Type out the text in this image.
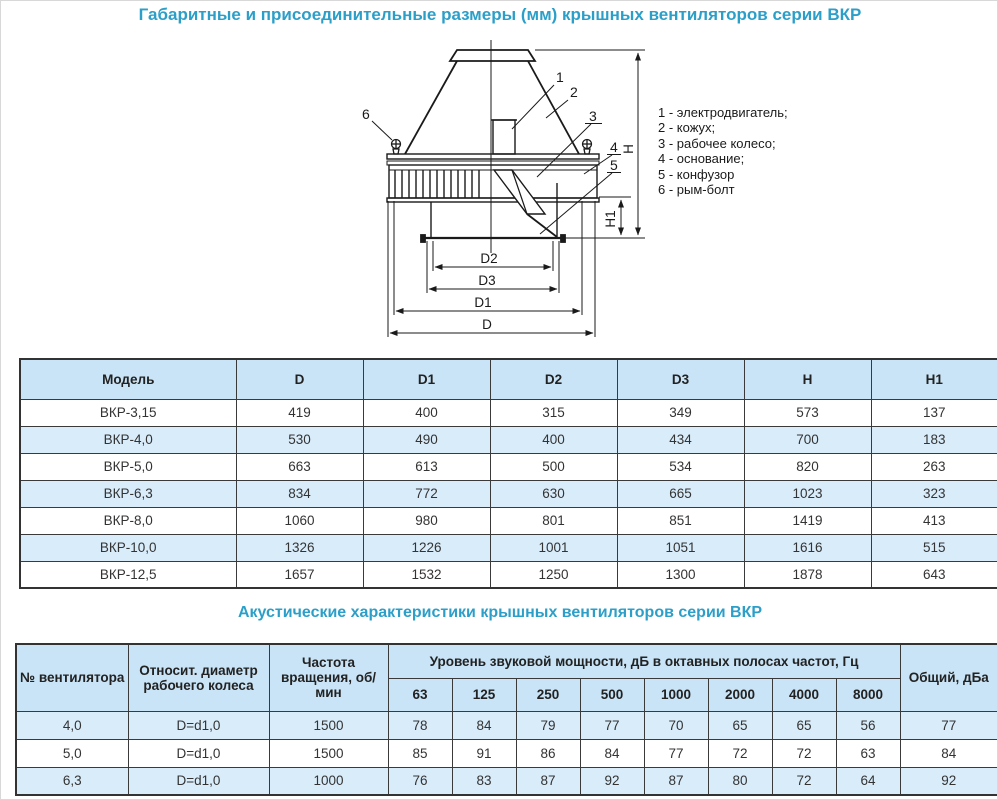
Габаритные и присоединительные размеры (мм) крышных вентиляторов серии ВКР
H
H1
D2
D3
D1
D
1
2
3
4
5
6	1 - электродвигатель;
2 - кожух;
3 - рабочее колесо;
4 - основание;
5 - конфузор
6 - рым-болт
Модель	D	D1	D2	D3	H	H1
ВКР-3,15	419	400	315	349	573	137
ВКР-4,0	530	490	400	434	700	183
ВКР-5,0	663	613	500	534	820	263
ВКР-6,3	834	772	630	665	1023	323
ВКР-8,0	1060	980	801	851	1419	413
ВКР-10,0	1326	1226	1001	1051	1616	515
ВКР-12,5	1657	1532	1250	1300	1878	643
Акустические характеристики крышных вентиляторов серии ВКР
№ вентилятора	Относит. диаметр рабочего колеса	Частота вращения, об/мин	Уровень звуковой мощности, дБ в октавных полосах частот, Гц								Общий, дБа
			63	125	250	500	1000	2000	4000	8000	
4,0	D=d1,0	1500	78	84	79	77	70	65	65	56	77
5,0	D=d1,0	1500	85	91	86	84	77	72	72	63	84
6,3	D=d1,0	1000	76	83	87	92	87	80	72	64	92
